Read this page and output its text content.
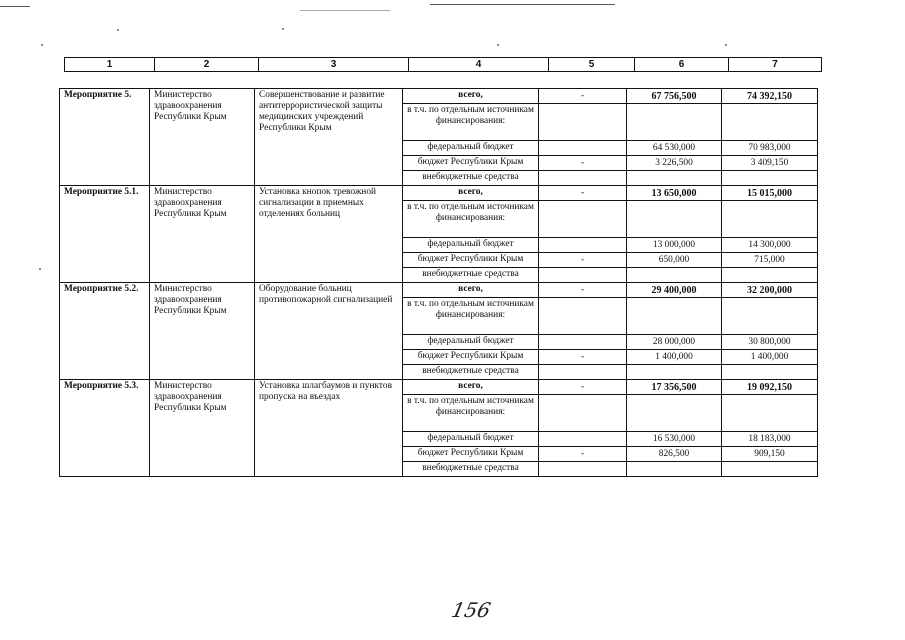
1	2	3	4	5	6	7
Мероприятие 5.	Министерство здравоохранения Республики Крым	Совершенствование и развитие антитеррористической защиты медицинских учреждений Республики Крым	всего,	-	67 756,500	74 392,150
			в т.ч. по отдельным источникам финансирования:			
			федеральный бюджет		64 530,000	70 983,000
			бюджет Республики Крым	-	3 226,500	3 409,150
			внебюджетные средства			
Мероприятие 5.1.	Министерство здравоохранения Республики Крым	Установка кнопок тревожной сигнализации в приемных отделениях больниц	всего,	-	13 650,000	15 015,000
			в т.ч. по отдельным источникам финансирования:			
			федеральный бюджет		13 000,000	14 300,000
			бюджет Республики Крым	-	650,000	715,000
			внебюджетные средства			
Мероприятие 5.2.	Министерство здравоохранения Республики Крым	Оборудование больниц противопожарной сигнализацией	всего,	-	29 400,000	32 200,000
			в т.ч. по отдельным источникам финансирования:			
			федеральный бюджет		28 000,000	30 800,000
			бюджет Республики Крым	-	1 400,000	1 400,000
			внебюджетные средства			
Мероприятие 5.3.	Министерство здравоохранения Республики Крым	Установка шлагбаумов и пунктов пропуска на въездах	всего,	-	17 356,500	19 092,150
			в т.ч. по отдельным источникам финансирования:			
			федеральный бюджет		16 530,000	18 183,000
			бюджет Республики Крым	-	826,500	909,150
			внебюджетные средства			
156
